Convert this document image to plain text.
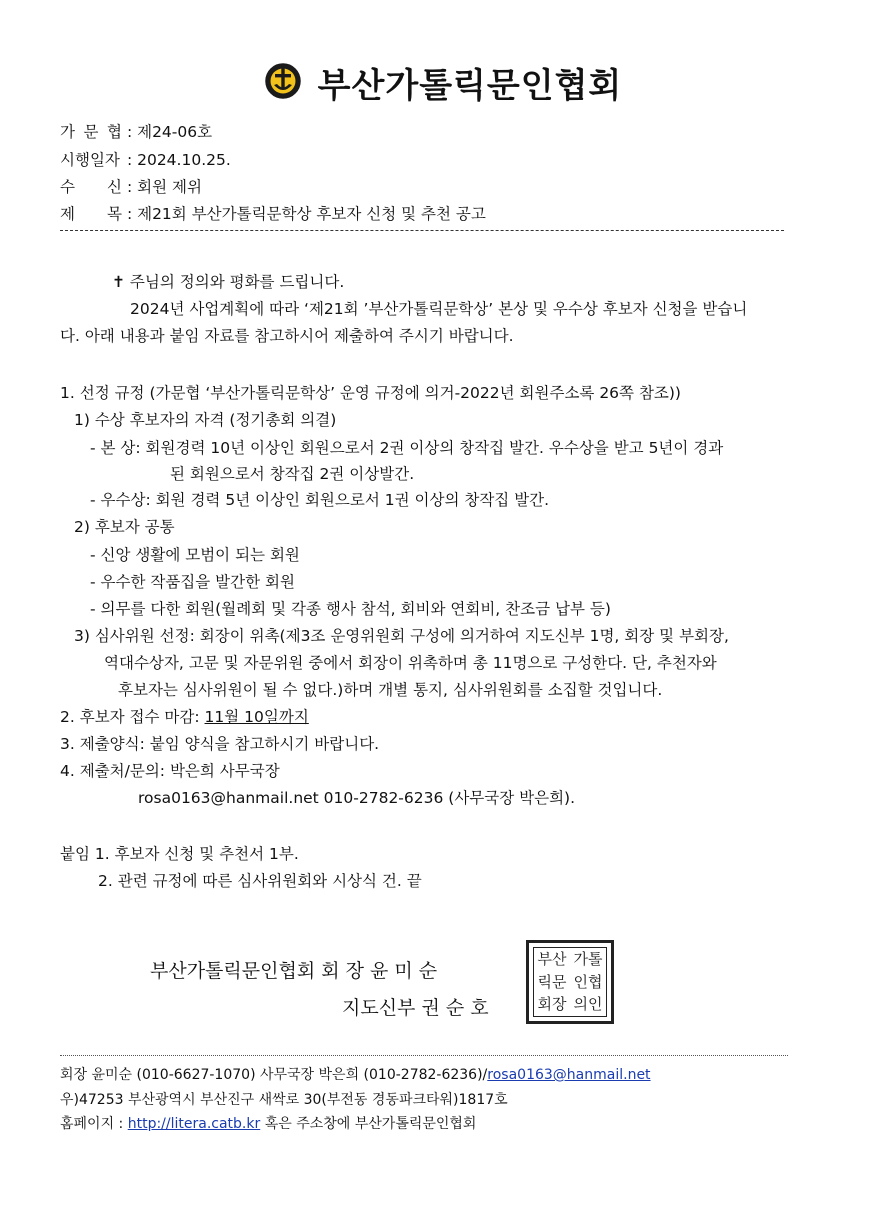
부산가톨릭문인협회
가 문 협 : 제24-06호
시행일자 : 2024.10.25.
수 신 : 회원 제위
제 목 : 제21회 부산가톨릭문학상 후보자 신청 및 추천 공고
✝ 주님의 정의와 평화를 드립니다.
2024년 사업계획에 따라 ‘제21회 ’부산가톨릭문학상’ 본상 및 우수상 후보자 신청을 받습니
다. 아래 내용과 붙임 자료를 참고하시어 제출하여 주시기 바랍니다.
1. 선정 규정 (가문협 ‘부산가톨릭문학상’ 운영 규정에 의거-2022년 회원주소록 26쪽 참조))
1) 수상 후보자의 자격 (정기총회 의결)
- 본 상: 회원경력 10년 이상인 회원으로서 2권 이상의 창작집 발간. 우수상을 받고 5년이 경과
된 회원으로서 창작집 2권 이상발간.
- 우수상: 회원 경력 5년 이상인 회원으로서 1권 이상의 창작집 발간.
2) 후보자 공통
- 신앙 생활에 모범이 되는 회원
- 우수한 작품집을 발간한 회원
- 의무를 다한 회원(월례회 및 각종 행사 참석, 회비와 연회비, 찬조금 납부 등)
3) 심사위원 선정: 회장이 위촉(제3조 운영위원회 구성에 의거하여 지도신부 1명, 회장 및 부회장,
역대수상자, 고문 및 자문위원 중에서 회장이 위촉하며 총 11명으로 구성한다. 단, 추천자와
후보자는 심사위원이 될 수 없다.)하며 개별 통지, 심사위원회를 소집할 것입니다.
2. 후보자 접수 마감: 11월 10일까지
3. 제출양식: 붙임 양식을 참고하시기 바랍니다.
4. 제출처/문의: 박은희 사무국장
rosa0163@hanmail.net 010-2782-6236 (사무국장 박은희).
붙임 1. 후보자 신청 및 추천서 1부.
2. 관련 규정에 따른 심사위원회와 시상식 건. 끝
부산가톨릭문인협회 회 장 윤 미 순
지도신부 권 순 호
부산 가톨
릭문 인협
회장 의인
회장 윤미순 (010-6627-1070) 사무국장 박은희 (010-2782-6236)/rosa0163@hanmail.net
우)47253 부산광역시 부산진구 새싹로 30(부전동 경동파크타워)1817호
홈페이지 : http://litera.catb.kr 혹은 주소창에 부산가톨릭문인협회
